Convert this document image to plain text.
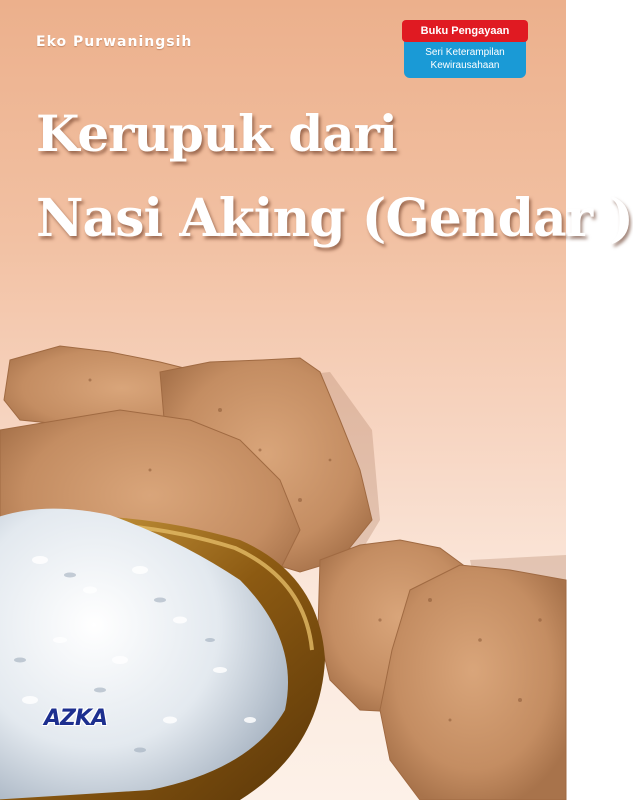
Eko Purwaningsih
Seri Keterampilan
Kewirausahaan
Buku Pengayaan
Kerupuk dari
Nasi Aking (Gendar )
AZKA
